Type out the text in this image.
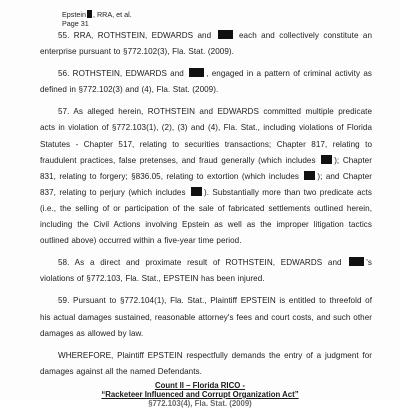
Epstein , RRA, et al.
Page 31

55. RRA, ROTHSTEIN, EDWARDS and	each and collectively constitute an enterprise pursuant to §772.102(3), Fla. Stat. (2009).

56. ROTHSTEIN, EDWARDS and	, engaged in a pattern of criminal activity as defined in §772.102(3) and (4), Fla. Stat. (2009).

57. As alleged herein, ROTHSTEIN and EDWARDS committed multiple predicate acts in violation of §772.103(1), (2), (3) and (4), Fla. Stat., including violations of Florida Statutes - Chapter 517, relating to securities transactions; Chapter 817, relating to fraudulent practices, false pretenses, and fraud generally (which includes ); Chapter 831, relating to forgery; §836.05, relating to extortion (which includes ); and Chapter 837, relating to perjury (which includes ). Substantially more than two predicate acts (i.e., the selling of or participation of the sale of fabricated settlements outlined herein, including the Civil Actions involving Epstein as well as the improper litigation tactics outlined above) occurred within a five-year time period.

58. As a direct and proximate result of ROTHSTEIN, EDWARDS and	's violations of §772.103, Fla. Stat., EPSTEIN has been injured.

59. Pursuant to §772.104(1), Fla. Stat., Plaintiff EPSTEIN is entitled to threefold of his actual damages sustained, reasonable attorney's fees and court costs, and such other damages as allowed by law.

WHEREFORE, Plaintiff EPSTEIN respectfully demands the entry of a judgment for damages against all the named Defendants.

Count II – Florida RICO -
“Racketeer Influenced and Corrupt Organization Act”
§772.103(4), Fla. Stat. (2009)
